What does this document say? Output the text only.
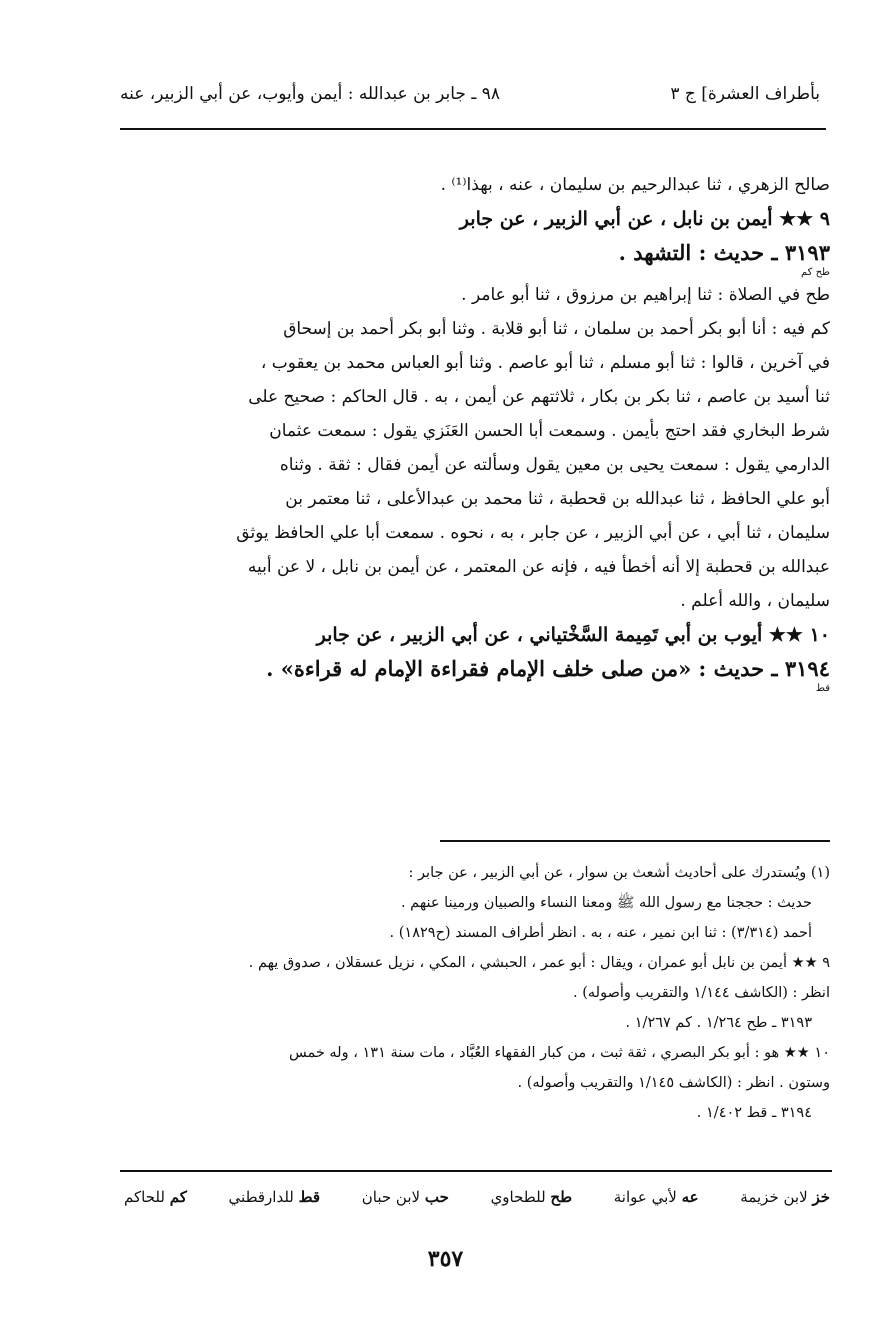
بأطراف العشرة] ج ٣
٩٨ ـ جابر بن عبدالله : أيمن وأيوب، عن أبي الزبير، عنه
صالح الزهري ، ثنا عبدالرحيم بن سليمان ، عنه ، بهذا⁽¹⁾ .
٩ ★★ أيمن بن نابل ، عن أبي الزبير ، عن جابر
٣١٩٣ ـ حديث : التشهد .
طح كم
طح في الصلاة : ثنا إبراهيم بن مرزوق ، ثنا أبو عامر .
كم فيه : أنا أبو بكر أحمد بن سلمان ، ثنا أبو قلابة . وثنا أبو بكر أحمد بن إسحاق
في آخرين ، قالوا : ثنا أبو مسلم ، ثنا أبو عاصم . وثنا أبو العباس محمد بن يعقوب ،
ثنا أسيد بن عاصم ، ثنا بكر بن بكار ، ثلاثتهم عن أيمن ، به . قال الحاكم : صحيح على
شرط البخاري فقد احتج بأيمن . وسمعت أبا الحسن العَنَزي يقول : سمعت عثمان
الدارمي يقول : سمعت يحيى بن معين يقول وسألته عن أيمن فقال : ثقة . وثناه
أبو علي الحافظ ، ثنا عبدالله بن قحطبة ، ثنا محمد بن عبدالأعلى ، ثنا معتمر بن
سليمان ، ثنا أبي ، عن أبي الزبير ، عن جابر ، به ، نحوه . سمعت أبا علي الحافظ يوثق
عبدالله بن قحطبة إلا أنه أخطأ فيه ، فإنه عن المعتمر ، عن أيمن بن نابل ، لا عن أبيه
سليمان ، والله أعلم .
١٠ ★★ أيوب بن أبي تَمِيمة السَّخْتياني ، عن أبي الزبير ، عن جابر
٣١٩٤ ـ حديث : «من صلى خلف الإمام فقراءة الإمام له قراءة» .
قط
(١) ويُستدرك على أحاديث أشعث بن سوار ، عن أبي الزبير ، عن جابر :
حديث : حججنا مع رسول الله ﷺ ومعنا النساء والصبيان ورمينا عنهم .
أحمد (٣/٣١٤) : ثنا ابن نمير ، عنه ، به . انظر أطراف المسند (ح١٨٢٩) .
٩ ★★ أيمن بن نابل أبو عمران ، ويقال : أبو عمر ، الحبشي ، المكي ، نزيل عسقلان ، صدوق يهم .
انظر : (الكاشف ١/١٤٤ والتقريب وأصوله) .
٣١٩٣ ـ طح ١/٢٦٤ . كم ١/٢٦٧ .
١٠ ★★ هو : أبو بكر البصري ، ثقة ثبت ، من كبار الفقهاء العُبَّاد ، مات سنة ١٣١ ، وله خمس
وستون . انظر : (الكاشف ١/١٤٥ والتقريب وأصوله) .
٣١٩٤ ـ قط ١/٤٠٢ .
خز لابن خزيمة
عه لأبي عوانة
طح للطحاوي
حب لابن حبان
قط للدارقطني
كم للحاكم
٣٥٧
